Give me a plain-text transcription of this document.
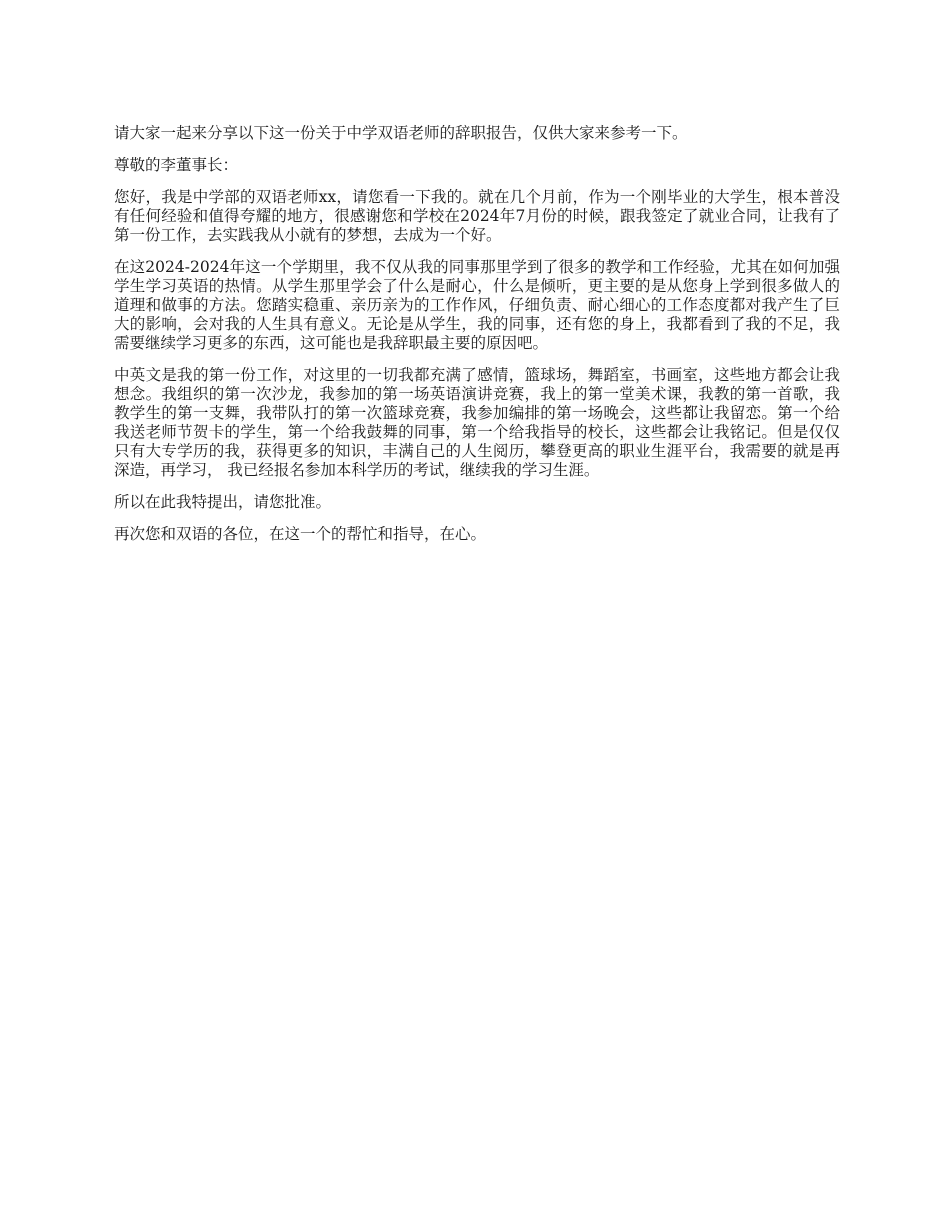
请大家一起来分享以下这一份关于中学双语老师的辞职报告，仅供大家来参考一下。

尊敬的李董事长：

您好，我是中学部的双语老师xx，请您看一下我的。就在几个月前，作为一个刚毕业的大学生，根本普没有任何经验和值得夸耀的地方，很感谢您和学校在2024年7月份的时候，跟我签定了就业合同，让我有了第一份工作，去实践我从小就有的梦想，去成为一个好。

在这2024-2024年这一个学期里，我不仅从我的同事那里学到了很多的教学和工作经验，尤其在如何加强学生学习英语的热情。从学生那里学会了什么是耐心，什么是倾听，更主要的是从您身上学到很多做人的道理和做事的方法。您踏实稳重、亲历亲为的工作作风，仔细负责、耐心细心的工作态度都对我产生了巨大的影响，会对我的人生具有意义。无论是从学生，我的同事，还有您的身上，我都看到了我的不足，我需要继续学习更多的东西，这可能也是我辞职最主要的原因吧。

中英文是我的第一份工作，对这里的一切我都充满了感情，篮球场，舞蹈室，书画室，这些地方都会让我想念。我组织的第一次沙龙，我参加的第一场英语演讲竞赛，我上的第一堂美术课，我教的第一首歌，我教学生的第一支舞，我带队打的第一次篮球竞赛，我参加编排的第一场晚会，这些都让我留恋。第一个给我送老师节贺卡的学生，第一个给我鼓舞的同事，第一个给我指导的校长，这些都会让我铭记。但是仅仅只有大专学历的我，获得更多的知识，丰满自己的人生阅历，攀登更高的职业生涯平台，我需要的就是再深造，再学习， 我已经报名参加本科学历的考试，继续我的学习生涯。

所以在此我特提出，请您批准。

再次您和双语的各位，在这一个的帮忙和指导，在心。
